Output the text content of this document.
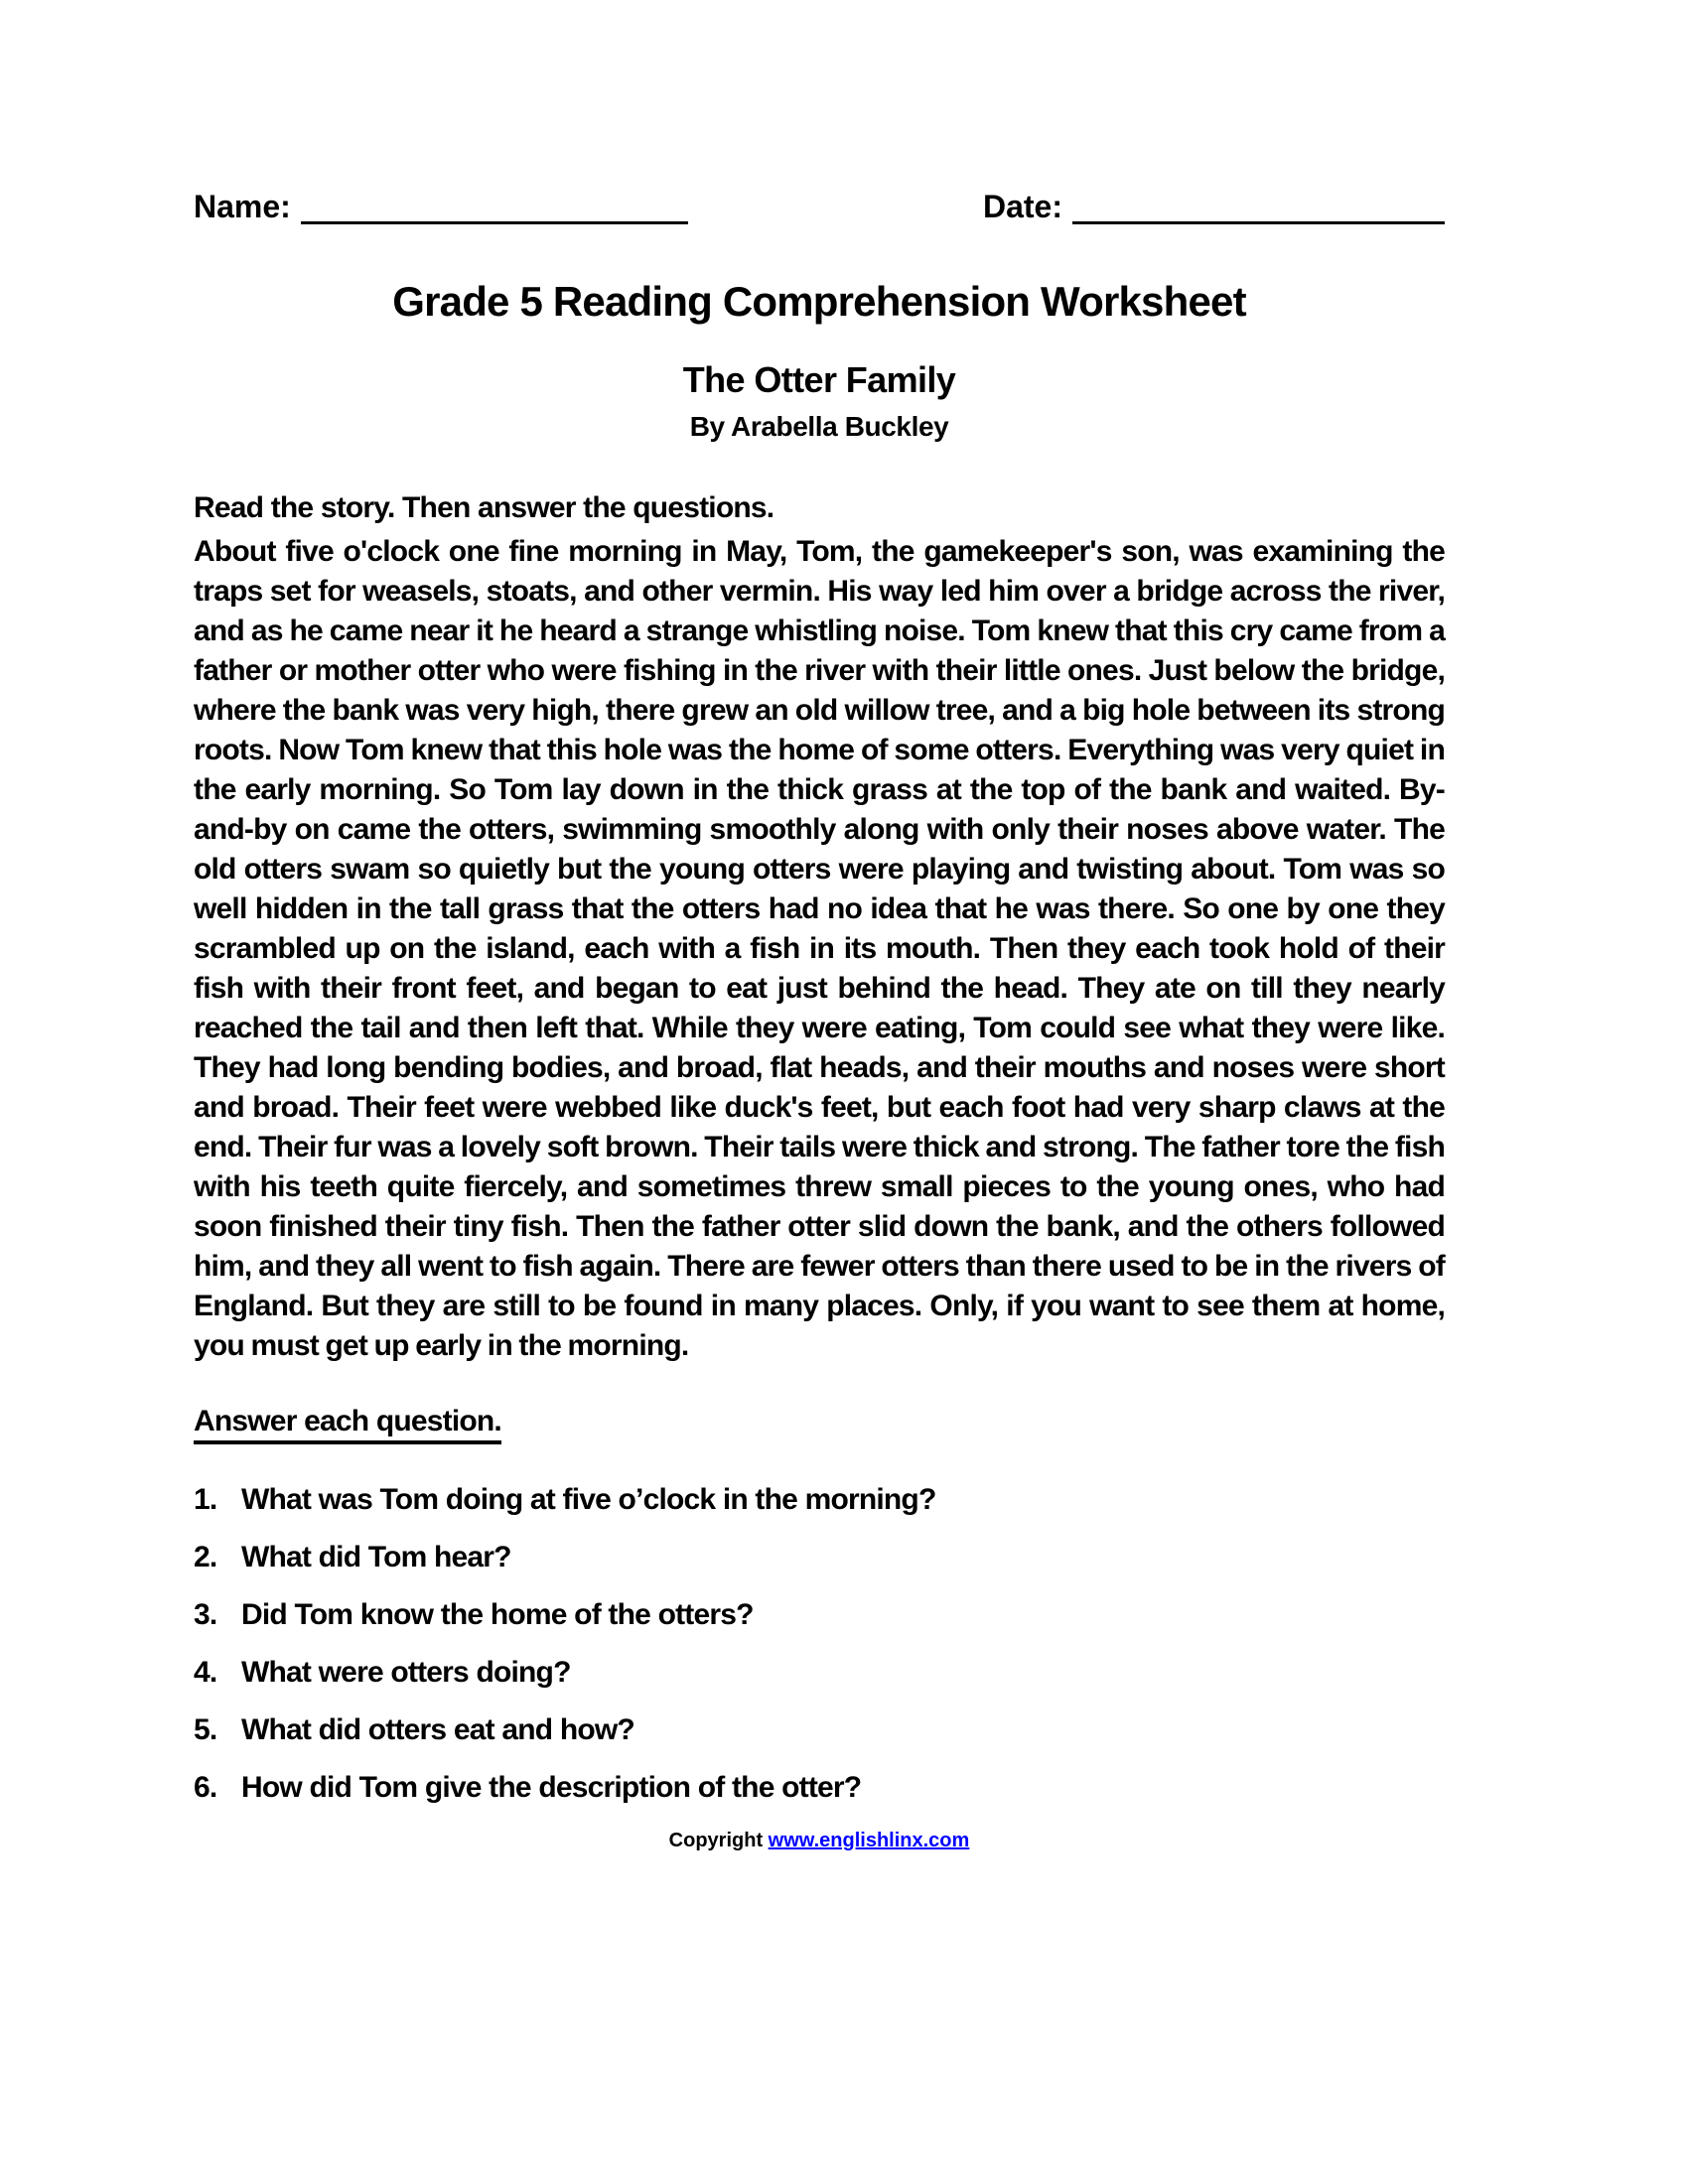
Name:	Date:
Grade 5 Reading Comprehension Worksheet
The Otter Family
By Arabella Buckley

Read the story. Then answer the questions.

About five o'clock one fine morning in May, Tom, the gamekeeper's son, was examining the traps set for weasels, stoats, and other vermin. His way led him over a bridge across the river, and as he came near it he heard a strange whistling noise. Tom knew that this cry came from a father or mother otter who were fishing in the river with their little ones. Just below the bridge, where the bank was very high, there grew an old willow tree, and a big hole between its strong roots. Now Tom knew that this hole was the home of some otters. Everything was very quiet in the early morning. So Tom lay down in the thick grass at the top of the bank and waited. By-and-by on came the otters, swimming smoothly along with only their noses above water. The old otters swam so quietly but the young otters were playing and twisting about. Tom was so well hidden in the tall grass that the otters had no idea that he was there. So one by one they scrambled up on the island, each with a fish in its mouth. Then they each took hold of their fish with their front feet, and began to eat just behind the head. They ate on till they nearly reached the tail and then left that. While they were eating, Tom could see what they were like. They had long bending bodies, and broad, flat heads, and their mouths and noses were short and broad. Their feet were webbed like duck's feet, but each foot had very sharp claws at the end. Their fur was a lovely soft brown. Their tails were thick and strong. The father tore the fish with his teeth quite fiercely, and sometimes threw small pieces to the young ones, who had soon finished their tiny fish. Then the father otter slid down the bank, and the others followed him, and they all went to fish again. There are fewer otters than there used to be in the rivers of England. But they are still to be found in many places. Only, if you want to see them at home, you must get up early in the morning.

Answer each question.
1. What was Tom doing at five o’clock in the morning?
2. What did Tom hear?
3. Did Tom know the home of the otters?
4. What were otters doing?
5. What did otters eat and how?
6. How did Tom give the description of the otter?
Copyright www.englishlinx.com
